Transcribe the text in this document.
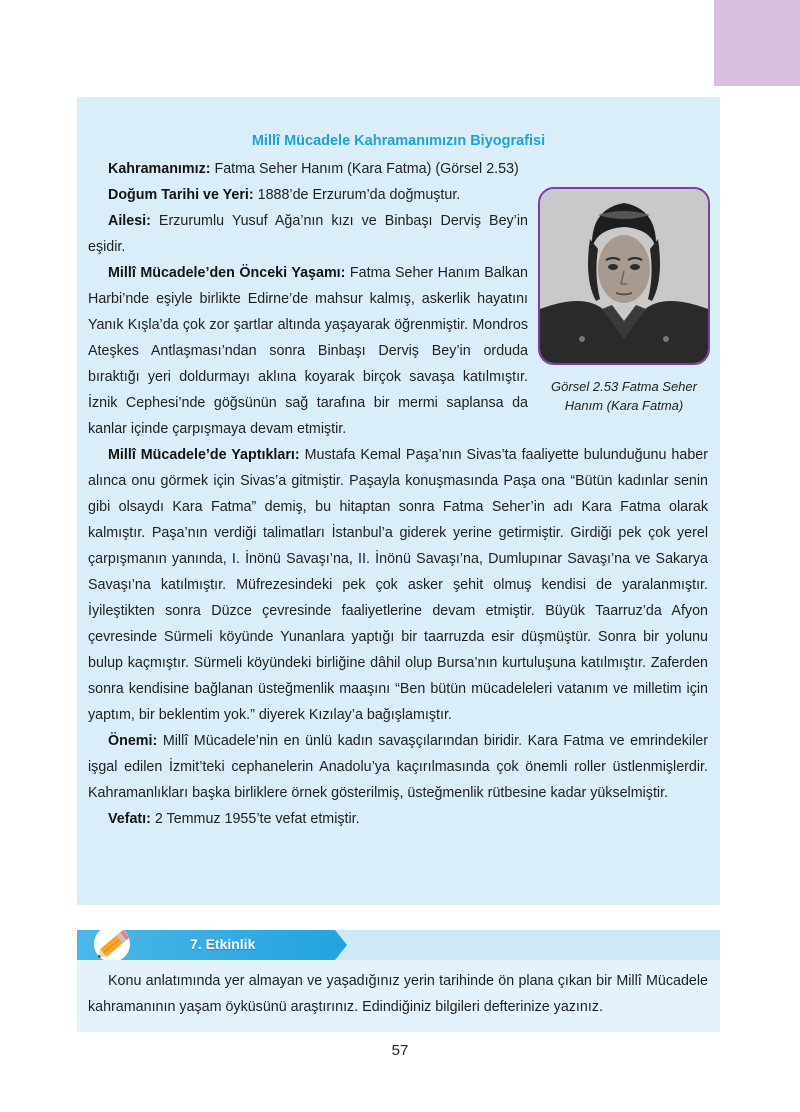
Millî Mücadele Kahramanımızın Biyografisi

Kahramanımız: Fatma Seher Hanım (Kara Fatma) (Görsel 2.53)

Doğum Tarihi ve Yeri: 1888’de Erzurum’da doğmuştur.

Ailesi: Erzurumlu Yusuf Ağa’nın kızı ve Binbaşı Derviş Bey’in eşidir.

Millî Mücadele’den Önceki Yaşamı: Fatma Seher Hanım Balkan Harbi’nde eşiyle birlikte Edirne’de mahsur kalmış, askerlik hayatını Yanık Kışla’da çok zor şartlar altında yaşayarak öğrenmiştir. Mondros Ateşkes Antlaşması’ndan sonra Binbaşı Derviş Bey’in orduda bıraktığı yeri doldurmayı aklına koyarak birçok savaşa katılmıştır. İznik Cephesi’nde göğsünün sağ tarafına bir mermi saplansa da kanlar içinde çarpışmaya devam etmiştir.

Görsel 2.53 Fatma Seher Hanım (Kara Fatma)

Millî Mücadele’de Yaptıkları: Mustafa Kemal Paşa’nın Sivas’ta faaliyette bulunduğunu haber alınca onu görmek için Sivas’a gitmiştir. Paşayla konuşmasında Paşa ona “Bütün kadınlar senin gibi olsaydı Kara Fatma” demiş, bu hitaptan sonra Fatma Seher’in adı Kara Fatma olarak kalmıştır. Paşa’nın verdiği talimatları İstanbul’a giderek yerine getirmiştir. Girdiği pek çok yerel çarpışmanın yanında, I. İnönü Savaşı’na, II. İnönü Savaşı’na, Dumlupınar Savaşı’na ve Sakarya Savaşı’na katılmıştır. Müfrezesindeki pek çok asker şehit olmuş kendisi de yaralanmıştır. İyileştikten sonra Düzce çevresinde faaliyetlerine devam etmiştir. Büyük Taarruz’da Afyon çevresinde Sürmeli köyünde Yunanlara yaptığı bir taarruzda esir düşmüştür. Sonra bir yolunu bulup kaçmıştır. Sürmeli köyündeki birliğine dâhil olup Bursa’nın kurtuluşuna katılmıştır. Zaferden sonra kendisine bağlanan üsteğmenlik maaşını “Ben bütün mücadeleleri vatanım ve milletim için yaptım, bir beklentim yok.” diyerek Kızılay’a bağışlamıştır.

Önemi: Millî Mücadele’nin en ünlü kadın savaşçılarından biridir. Kara Fatma ve emrindekiler işgal edilen İzmit’teki cephanelerin Anadolu’ya kaçırılmasında çok önemli roller üstlenmişlerdir. Kahramanlıkları başka birliklere örnek gösterilmiş, üsteğmenlik rütbesine kadar yükselmiştir.

Vefatı: 2 Temmuz 1955’te vefat etmiştir.

7. Etkinlik

Konu anlatımında yer almayan ve yaşadığınız yerin tarihinde ön plana çıkan bir Millî Mücadele kahramanının yaşam öyküsünü araştırınız. Edindiğiniz bilgileri defterinize yazınız.

57
